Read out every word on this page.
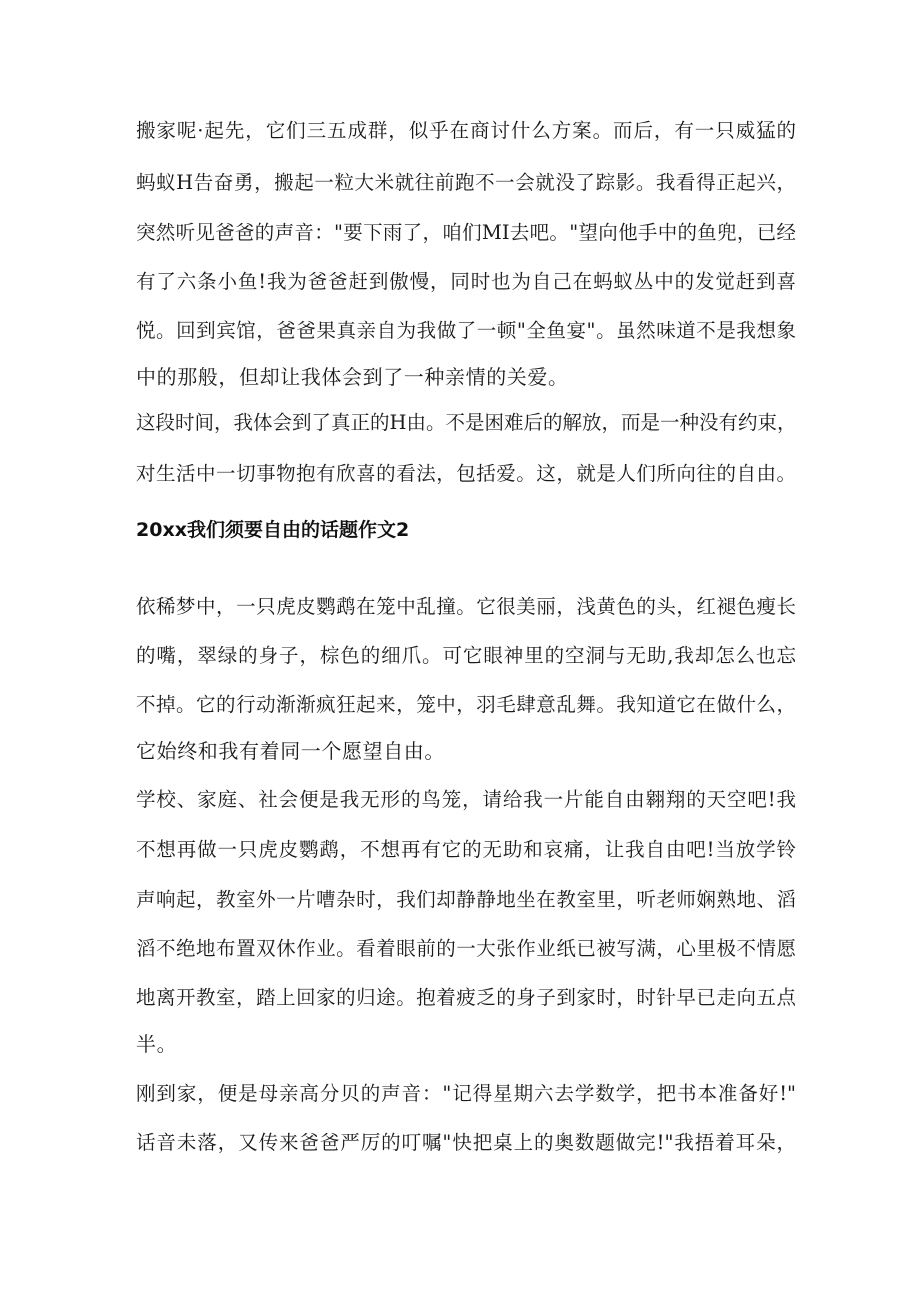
搬家呢·起先，它们三五成群，似乎在商讨什么方案。而后，有一只威猛的

蚂蚁H告奋勇，搬起一粒大米就往前跑不一会就没了踪影。我看得正起兴，

突然听见爸爸的声音："要下雨了，咱们MI去吧。"望向他手中的鱼兜，已经

有了六条小鱼!我为爸爸赶到傲慢，同时也为自己在蚂蚁丛中的发觉赶到喜

悦。回到宾馆，爸爸果真亲自为我做了一顿"全鱼宴"。虽然味道不是我想象

中的那般，但却让我体会到了一种亲情的关爱。

这段时间，我体会到了真正的H由。不是困难后的解放，而是一种没有约束，

对生活中一切事物抱有欣喜的看法，包括爱。这，就是人们所向往的自由。

20xx我们须要自由的话题作文2

依稀梦中，一只虎皮鹦鹉在笼中乱撞。它很美丽，浅黄色的头，红褪色瘦长

的嘴，翠绿的身子，棕色的细爪。可它眼神里的空洞与无助,我却怎么也忘

不掉。它的行动渐渐疯狂起来，笼中，羽毛肆意乱舞。我知道它在做什么，

它始终和我有着同一个愿望自由。

学校、家庭、社会便是我无形的鸟笼，请给我一片能自由翱翔的天空吧!我

不想再做一只虎皮鹦鹉，不想再有它的无助和哀痛，让我自由吧!当放学铃

声响起，教室外一片嘈杂时，我们却静静地坐在教室里，听老师娴熟地、滔

滔不绝地布置双休作业。看着眼前的一大张作业纸已被写满，心里极不情愿

地离开教室，踏上回家的归途。抱着疲乏的身子到家时，时针早已走向五点

半。

刚到家，便是母亲高分贝的声音："记得星期六去学数学，把书本准备好!"

话音未落，又传来爸爸严厉的叮嘱"快把桌上的奥数题做完!"我捂着耳朵，
